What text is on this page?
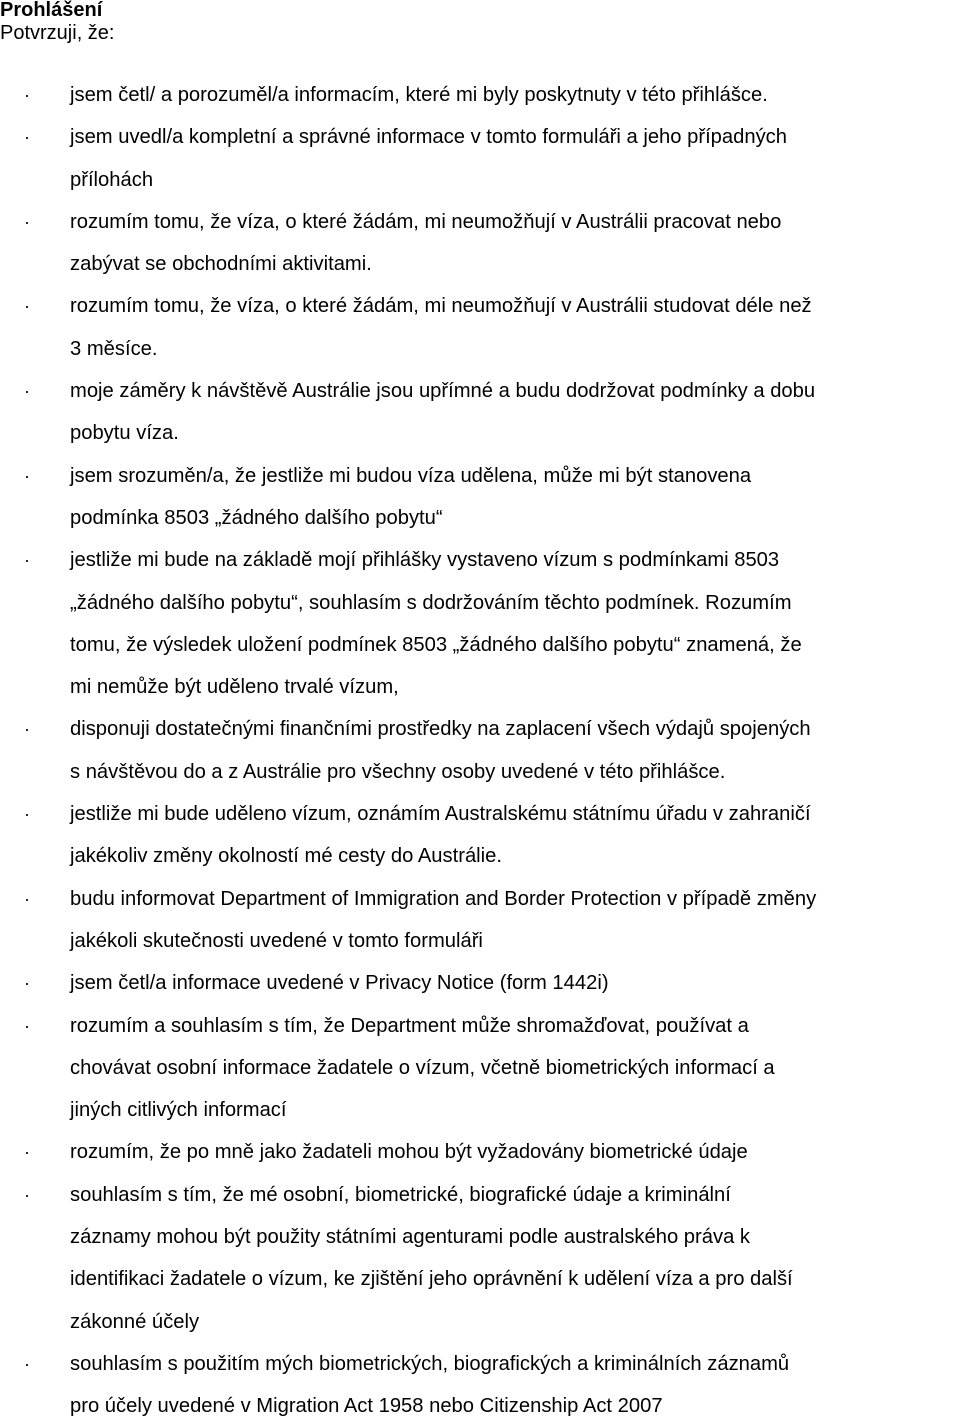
Prohlášení
Potvrzuji, že:
· jsem četl/ a porozuměl/a informacím, které mi byly poskytnuty v této přihlášce.
· jsem uvedl/a kompletní a správné informace v tomto formuláři a jeho případných
přílohách
· rozumím tomu, že víza, o které žádám, mi neumožňují v Austrálii pracovat nebo
zabývat se obchodními aktivitami.
· rozumím tomu, že víza, o které žádám, mi neumožňují v Austrálii studovat déle než
3 měsíce.
· moje záměry k návštěvě Austrálie jsou upřímné a budu dodržovat podmínky a dobu
pobytu víza.
· jsem srozuměn/a, že jestliže mi budou víza udělena, může mi být stanovena
podmínka 8503 „žádného dalšího pobytu“
· jestliže mi bude na základě mojí přihlášky vystaveno vízum s podmínkami 8503
„žádného dalšího pobytu“, souhlasím s dodržováním těchto podmínek. Rozumím
tomu, že výsledek uložení podmínek 8503 „žádného dalšího pobytu“ znamená, že
mi nemůže být uděleno trvalé vízum,
· disponuji dostatečnými finančními prostředky na zaplacení všech výdajů spojených
s návštěvou do a z Austrálie pro všechny osoby uvedené v této přihlášce.
· jestliže mi bude uděleno vízum, oznámím Australskému státnímu úřadu v zahraničí
jakékoliv změny okolností mé cesty do Austrálie.
· budu informovat Department of Immigration and Border Protection v případě změny
jakékoli skutečnosti uvedené v tomto formuláři
· jsem četl/a informace uvedené v Privacy Notice (form 1442i)
· rozumím a souhlasím s tím, že Department může shromažďovat, používat a
chovávat osobní informace žadatele o vízum, včetně biometrických informací a
jiných citlivých informací
· rozumím, že po mně jako žadateli mohou být vyžadovány biometrické údaje
· souhlasím s tím, že mé osobní, biometrické, biografické údaje a kriminální
záznamy mohou být použity státními agenturami podle australského práva k
identifikaci žadatele o vízum, ke zjištění jeho oprávnění k udělení víza a pro další
zákonné účely
· souhlasím s použitím mých biometrických, biografických a kriminálních záznamů
pro účely uvedené v Migration Act 1958 nebo Citizenship Act 2007
